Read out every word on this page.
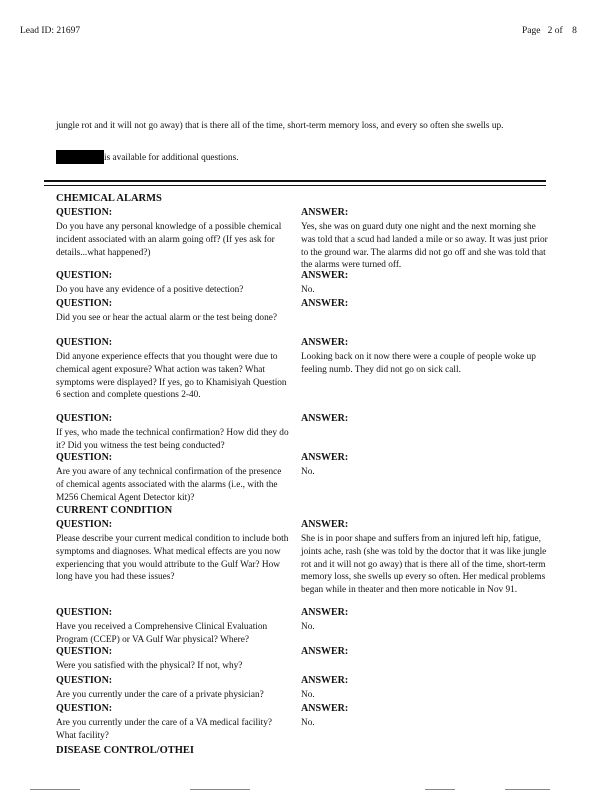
Lead ID: 21697	Page   2 of    8
jungle rot and it will not go away) that is there all of the time, short-term memory loss, and every so often she swells up.
is available for additional questions.
CHEMICAL ALARMS
QUESTION:	ANSWER:
Do you have any personal knowledge of a possible chemical incident associated with an alarm going off? (If yes ask for details...what happened?)
Yes, she was on guard duty one night and the next morning she was told that a scud had landed a mile or so away. It was just prior to the ground war. The alarms did not go off and she was told that the alarms were turned off.
QUESTION:	ANSWER:
Do you have any evidence of a positive detection?	No.
QUESTION:	ANSWER:
Did you see or hear the actual alarm or the test being done?
QUESTION:	ANSWER:
Did anyone experience effects that you thought were due to chemical agent exposure? What action was taken? What symptoms were displayed? If yes, go to Khamisiyah Question 6 section and complete questions 2-40.
Looking back on it now there were a couple of people woke up feeling numb. They did not go on sick call.
QUESTION:	ANSWER:
If yes, who made the technical confirmation? How did they do it? Did you witness the test being conducted?
QUESTION:	ANSWER:
Are you aware of any technical confirmation of the presence of chemical agents associated with the alarms (i.e., with the M256 Chemical Agent Detector kit)?
No.
CURRENT CONDITION
QUESTION:	ANSWER:
Please describe your current medical condition to include both symptoms and diagnoses. What medical effects are you now experiencing that you would attribute to the Gulf War? How long have you had these issues?
She is in poor shape and suffers from an injured left hip, fatigue, joints ache, rash (she was told by the doctor that it was like jungle rot and it will not go away) that is there all of the time, short-term memory loss, she swells up every so often. Her medical problems began while in theater and then more noticable in Nov 91.
QUESTION:	ANSWER:
Have you received a Comprehensive Clinical Evaluation Program (CCEP) or VA Gulf War physical? Where?
No.
QUESTION:	ANSWER:
Were you satisfied with the physical? If not, why?
QUESTION:	ANSWER:
Are you currently under the care of a private physician?	No.
QUESTION:	ANSWER:
Are you currently under the care of a VA medical facility? What facility?
No.
DISEASE CONTROL/OTHEI
